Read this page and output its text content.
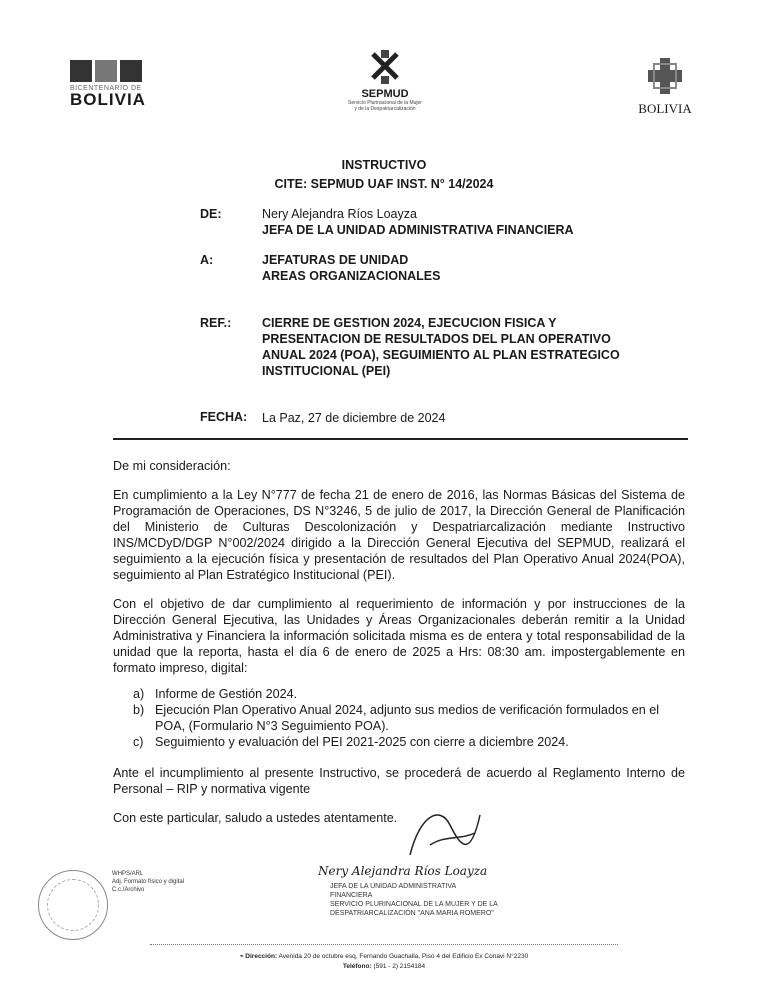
BICENTENARIO DE
BOLIVIA	SEPMUD
Servicio Plurinacional de la Mujer
y de la Despatriarcalización	BOLIVIA
INSTRUCTIVO
CITE: SEPMUD UAF INST. N° 14/2024
DE:	Nery Alejandra Ríos Loayza
JEFA DE LA UNIDAD ADMINISTRATIVA FINANCIERA
A:	JEFATURAS DE UNIDAD
AREAS ORGANIZACIONALES
REF.: CIERRE DE GESTION 2024, EJECUCION FISICA Y
PRESENTACION DE RESULTADOS DEL PLAN OPERATIVO
ANUAL 2024 (POA), SEGUIMIENTO AL PLAN ESTRATEGICO
INSTITUCIONAL (PEI)
FECHA: La Paz, 27 de diciembre de 2024
De mi consideración:
En cumplimiento a la Ley N°777 de fecha 21 de enero de 2016, las Normas Básicas del Sistema de Programación de Operaciones, DS N°3246, 5 de julio de 2017, la Dirección General de Planificación del Ministerio de Culturas Descolonización y Despatriarcalización mediante Instructivo INS/MCDyD/DGP N°002/2024 dirigido a la Dirección General Ejecutiva del SEPMUD, realizará el seguimiento a la ejecución física y presentación de resultados del Plan Operativo Anual 2024(POA), seguimiento al Plan Estratégico Institucional (PEI).
Con el objetivo de dar cumplimiento al requerimiento de información y por instrucciones de la Dirección General Ejecutiva, las Unidades y Áreas Organizacionales deberán remitir a la Unidad Administrativa y Financiera la información solicitada misma es de entera y total responsabilidad de la unidad que la reporta, hasta el día 6 de enero de 2025 a Hrs: 08:30 am. impostergablemente en formato impreso, digital:
a) Informe de Gestión 2024.
b) Ejecución Plan Operativo Anual 2024, adjunto sus medios de verificación formulados en el POA, (Formulario N°3 Seguimiento POA).
c) Seguimiento y evaluación del PEI 2021-2025 con cierre a diciembre 2024.
Ante el incumplimiento al presente Instructivo, se procederá de acuerdo al Reglamento Interno de Personal – RIP y normativa vigente
Con este particular, saludo a ustedes atentamente.
WHPS/ARL
Adj. Formato físico y digital
C.c./Archivo
Nery Alejandra Ríos Loayza
JEFA DE LA UNIDAD ADMINISTRATIVA FINANCIERA
SERVICIO PLURINACIONAL DE LA MUJER Y DE LA
DESPATRIARCALIZACIÓN "ANA MARIA ROMERO"
⌖ Dirección: Avenida 20 de octubre esq. Fernando Guachalla, Piso 4 del Edificio Ex Conavi N°2230
Teléfono: (591 - 2) 2154184
